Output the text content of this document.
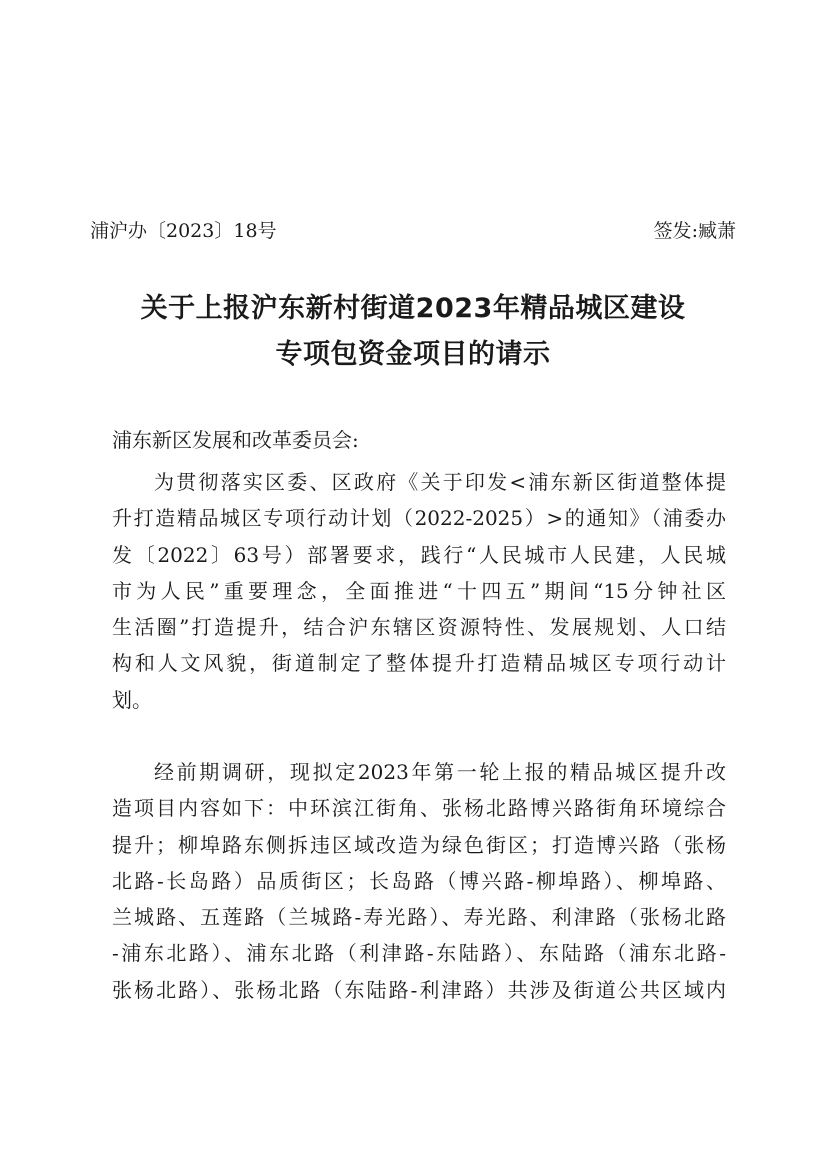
浦沪办〔2023〕18号	签发:臧萧
关于上报沪东新村街道2023年精品城区建设
专项包资金项目的请示
浦东新区发展和改革委员会:
为贯彻落实区委、区政府《关于印发<浦东新区街道整体提
升打造精品城区专项行动计划（2022-2025）>的通知》（浦委办
发〔2022〕63号）部署要求，践行“人民城市人民建，人民城
市为人民”重要理念，全面推进“十四五”期间“15分钟社区
生活圈”打造提升，结合沪东辖区资源特性、发展规划、人口结
构和人文风貌，街道制定了整体提升打造精品城区专项行动计
划。
经前期调研，现拟定2023年第一轮上报的精品城区提升改
造项目内容如下：中环滨江街角、张杨北路博兴路街角环境综合
提升；柳埠路东侧拆违区域改造为绿色街区；打造博兴路（张杨
北路-长岛路）品质街区；长岛路（博兴路-柳埠路）、柳埠路、
兰城路、五莲路（兰城路-寿光路）、寿光路、利津路（张杨北路
-浦东北路）、浦东北路（利津路-东陆路）、东陆路（浦东北路-
张杨北路）、张杨北路（东陆路-利津路）共涉及街道公共区域内
